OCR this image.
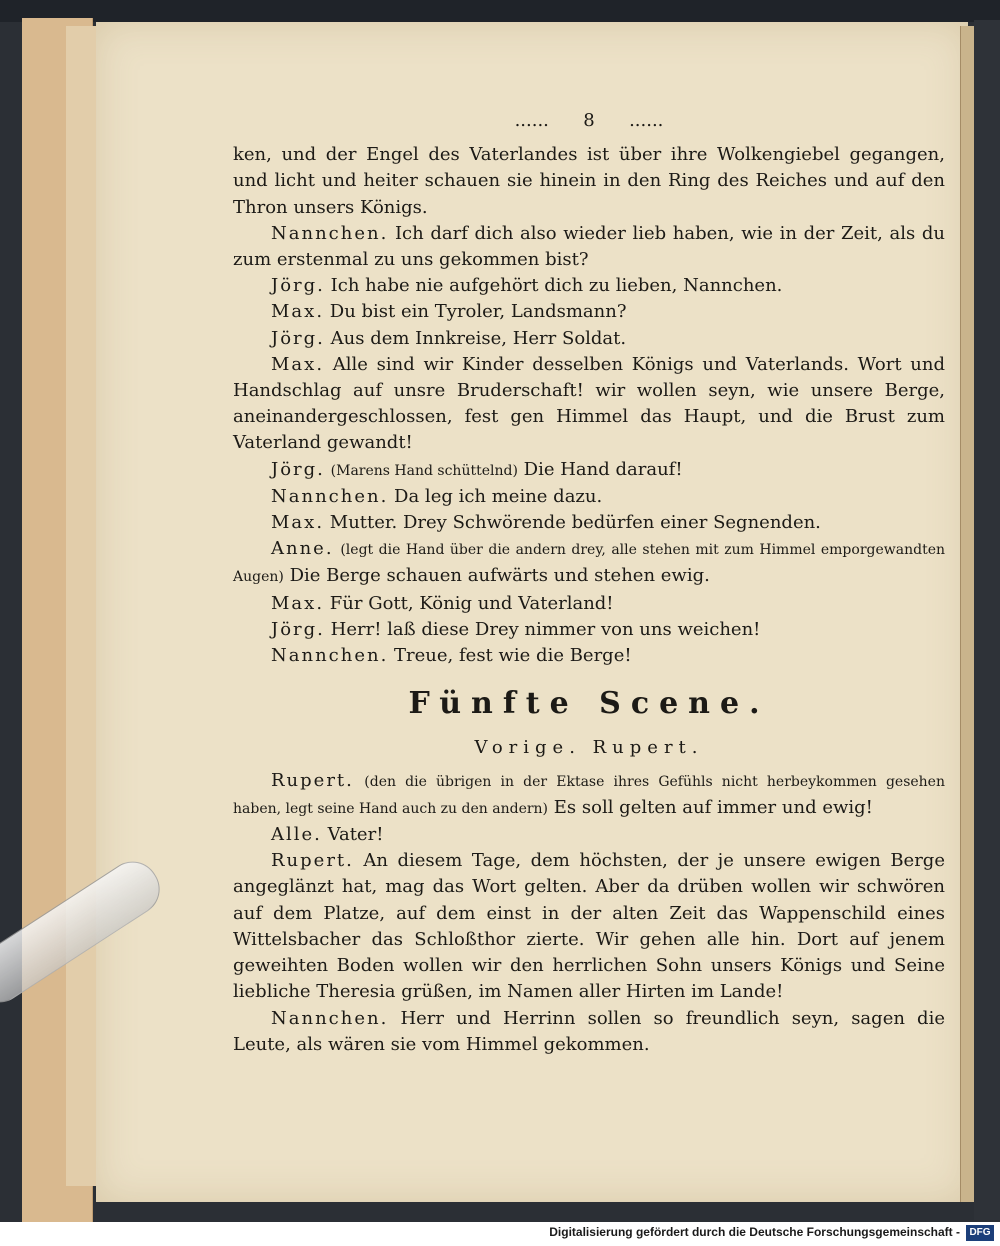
...... 8 ......

ken, und der Engel des Vaterlandes ist über ihre Wolkengiebel gegangen, und licht und heiter schauen sie hinein in den Ring des Reiches und auf den Thron unsers Königs.

Nannchen. Ich darf dich also wieder lieb haben, wie in der Zeit, als du zum erstenmal zu uns gekommen bist?

Jörg. Ich habe nie aufgehört dich zu lieben, Nannchen.

Max. Du bist ein Tyroler, Landsmann?

Jörg. Aus dem Innkreise, Herr Soldat.

Max. Alle sind wir Kinder desselben Königs und Vaterlands. Wort und Handschlag auf unsre Bruderschaft! wir wollen seyn, wie unsere Berge, aneinandergeschlossen, fest gen Himmel das Haupt, und die Brust zum Vaterland gewandt!

Jörg. (Marens Hand schüttelnd) Die Hand darauf!

Nannchen. Da leg ich meine dazu.

Max. Mutter. Drey Schwörende bedürfen einer Segnenden.

Anne. (legt die Hand über die andern drey, alle stehen mit zum Himmel emporgewandten Augen) Die Berge schauen aufwärts und stehen ewig.

Max. Für Gott, König und Vaterland!

Jörg. Herr! laß diese Drey nimmer von uns weichen!

Nannchen. Treue, fest wie die Berge!

Fünfte Scene.
Vorige. Rupert.

Rupert. (den die übrigen in der Ektase ihres Gefühls nicht herbeykommen gesehen haben, legt seine Hand auch zu den andern) Es soll gelten auf immer und ewig!

Alle. Vater!

Rupert. An diesem Tage, dem höchsten, der je unsere ewigen Berge angeglänzt hat, mag das Wort gelten. Aber da drüben wollen wir schwören auf dem Platze, auf dem einst in der alten Zeit das Wappenschild eines Wittelsbacher das Schloßthor zierte. Wir gehen alle hin. Dort auf jenem geweihten Boden wollen wir den herrlichen Sohn unsers Königs und Seine liebliche Theresia grüßen, im Namen aller Hirten im Lande!

Nannchen. Herr und Herrinn sollen so freundlich seyn, sagen die Leute, als wären sie vom Himmel gekommen.

Digitalisierung gefördert durch die Deutsche Forschungsgemeinschaft - DFG
